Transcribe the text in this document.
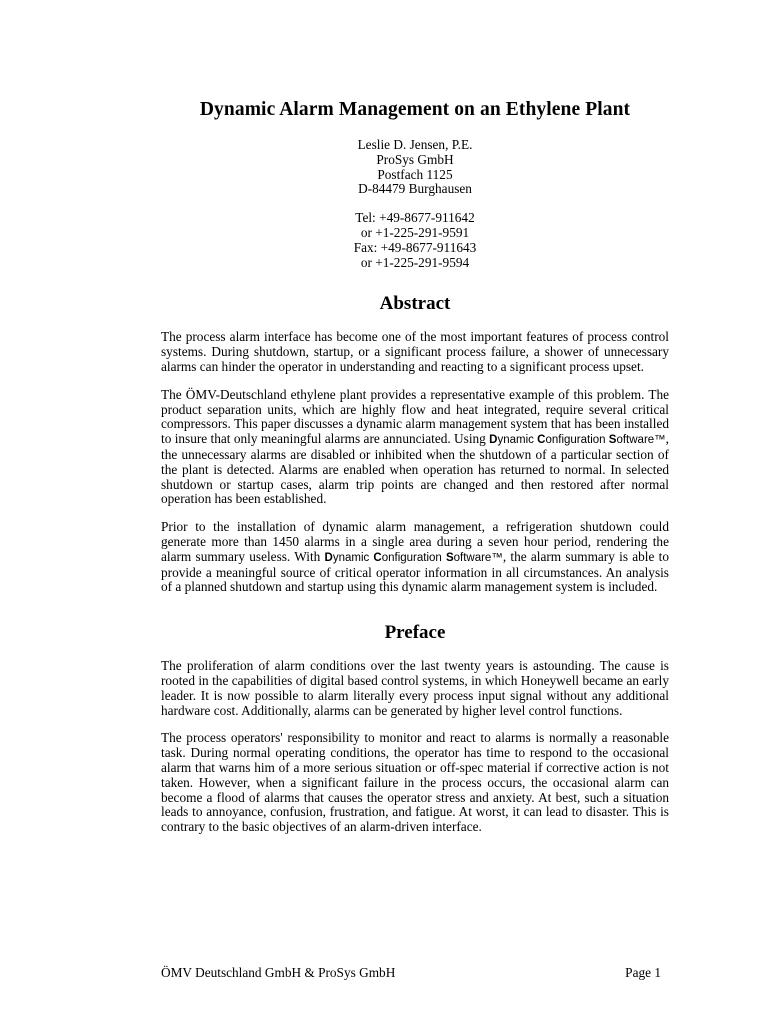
Dynamic Alarm Management on an Ethylene Plant
Leslie D. Jensen, P.E.
ProSys GmbH
Postfach 1125
D-84479 Burghausen
Tel: +49-8677-911642
or +1-225-291-9591
Fax: +49-8677-911643
or +1-225-291-9594
Abstract

The process alarm interface has become one of the most important features of process control systems. During shutdown, startup, or a significant process failure, a shower of unnecessary alarms can hinder the operator in understanding and reacting to a significant process upset.

The ÖMV-Deutschland ethylene plant provides a representative example of this problem. The product separation units, which are highly flow and heat integrated, require several critical compressors. This paper discusses a dynamic alarm management system that has been installed to insure that only meaningful alarms are annunciated. Using Dynamic Configuration Software™, the unnecessary alarms are disabled or inhibited when the shutdown of a particular section of the plant is detected. Alarms are enabled when operation has returned to normal. In selected shutdown or startup cases, alarm trip points are changed and then restored after normal operation has been established.

Prior to the installation of dynamic alarm management, a refrigeration shutdown could generate more than 1450 alarms in a single area during a seven hour period, rendering the alarm summary useless. With Dynamic Configuration Software™, the alarm summary is able to provide a meaningful source of critical operator information in all circumstances. An analysis of a planned shutdown and startup using this dynamic alarm management system is included.

Preface

The proliferation of alarm conditions over the last twenty years is astounding. The cause is rooted in the capabilities of digital based control systems, in which Honeywell became an early leader. It is now possible to alarm literally every process input signal without any additional hardware cost. Additionally, alarms can be generated by higher level control functions.

The process operators' responsibility to monitor and react to alarms is normally a reasonable task. During normal operating conditions, the operator has time to respond to the occasional alarm that warns him of a more serious situation or off-spec material if corrective action is not taken. However, when a significant failure in the process occurs, the occasional alarm can become a flood of alarms that causes the operator stress and anxiety. At best, such a situation leads to annoyance, confusion, frustration, and fatigue. At worst, it can lead to disaster. This is contrary to the basic objectives of an alarm-driven interface.

ÖMV Deutschland GmbH & ProSys GmbH	Page 1
